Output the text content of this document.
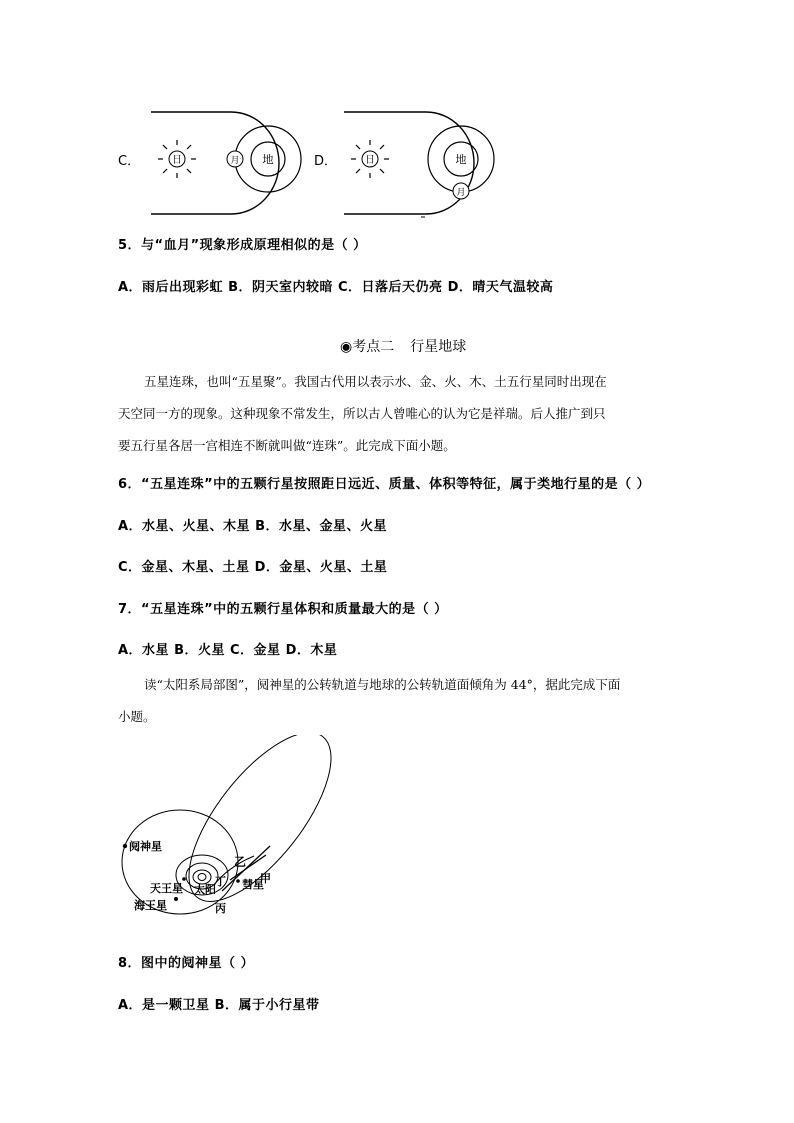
C．	日	地
月	D．	日	地
月
5．与“血月”现象形成原理相似的是（ ）
A．雨后出现彩虹 B．阴天室内较暗 C．日落后天仍亮 D．晴天气温较高
◉考点二 行星地球
五星连珠，也叫“五星聚”。我国古代用以表示水、金、火、木、土五行星同时出现在
天空同一方的现象。这种现象不常发生，所以古人曾唯心的认为它是祥瑞。后人推广到只
要五行星各居一宫相连不断就叫做“连珠”。此完成下面小题。
6．“五星连珠”中的五颗行星按照距日远近、质量、体积等特征，属于类地行星的是（ ）
A．水星、火星、木星 B．水星、金星、火星
C．金星、木星、土星 D．金星、火星、土星
7．“五星连珠”中的五颗行星体积和质量最大的是（ ）
A．水星 B．火星 C．金星 D．木星
读“太阳系局部图”，阋神星的公转轨道与地球的公转轨道面倾角为 44°，据此完成下面
小题。
阋神星
天王星
海王星
太阳 彗星
甲
乙
丙
丁
8．图中的阋神星（ ）
A．是一颗卫星 B．属于小行星带
